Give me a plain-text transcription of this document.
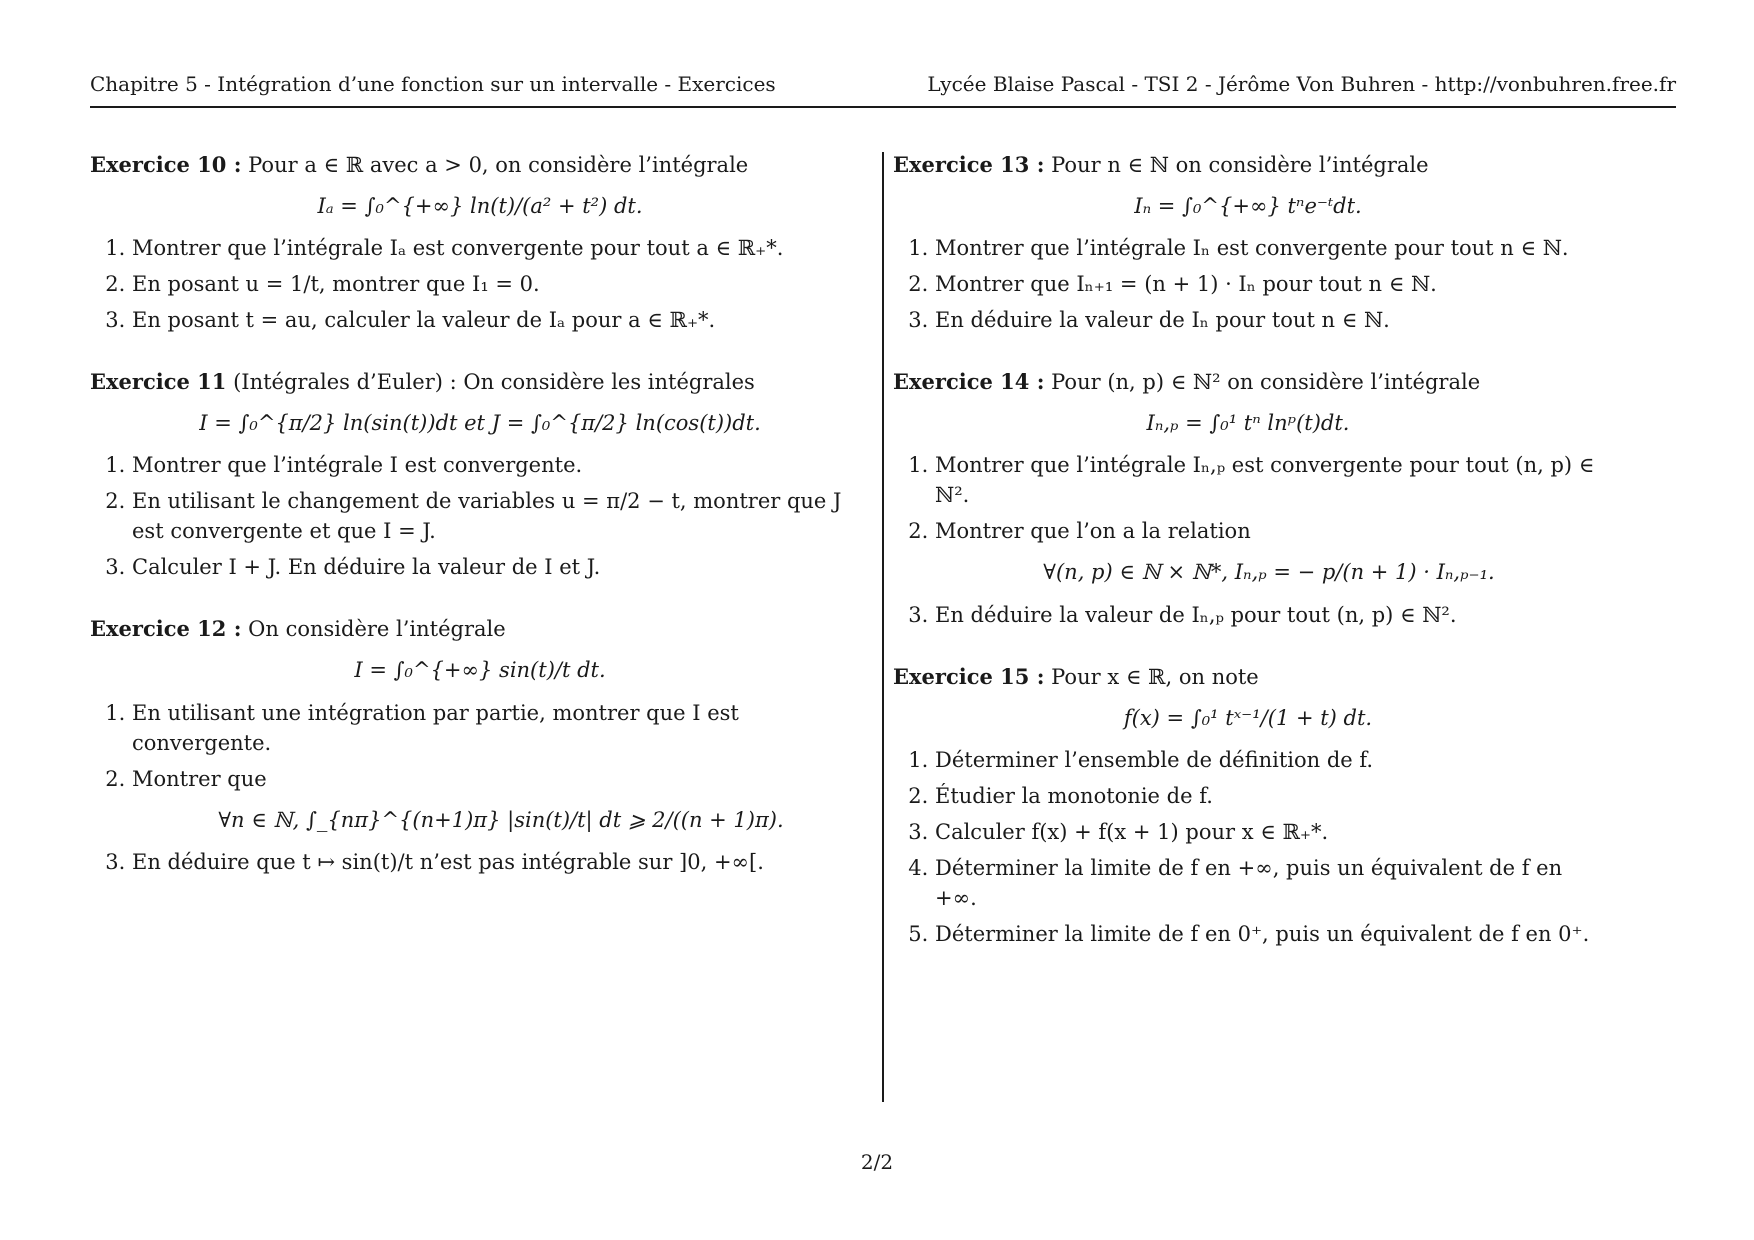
Chapitre 5 - Intégration d’une fonction sur un intervalle - Exercices	Lycée Blaise Pascal - TSI 2 - Jérôme Von Buhren - http://vonbuhren.free.fr
Exercice 10 : Pour a ∈ ℝ avec a > 0, on considère l’intégrale
Iₐ = ∫₀^{+∞} ln(t)/(a² + t²) dt.
1. Montrer que l’intégrale Iₐ est convergente pour tout a ∈ ℝ₊*.
2. En posant u = 1/t, montrer que I₁ = 0.
3. En posant t = au, calculer la valeur de Iₐ pour a ∈ ℝ₊*.
Exercice 11 (Intégrales d’Euler) : On considère les intégrales
I = ∫₀^{π/2} ln(sin(t))dt et J = ∫₀^{π/2} ln(cos(t))dt.
1. Montrer que l’intégrale I est convergente.
2. En utilisant le changement de variables u = π/2 − t, montrer que J est convergente et que I = J.
3. Calculer I + J. En déduire la valeur de I et J.
Exercice 12 : On considère l’intégrale
I = ∫₀^{+∞} sin(t)/t dt.
1. En utilisant une intégration par partie, montrer que I est convergente.
2. Montrer que
∀n ∈ ℕ, ∫_{nπ}^{(n+1)π} |sin(t)/t| dt ⩾ 2/((n + 1)π).
3. En déduire que t ↦ sin(t)/t n’est pas intégrable sur ]0, +∞[.
Exercice 13 : Pour n ∈ ℕ on considère l’intégrale
Iₙ = ∫₀^{+∞} tⁿe⁻ᵗdt.
1. Montrer que l’intégrale Iₙ est convergente pour tout n ∈ ℕ.
2. Montrer que Iₙ₊₁ = (n + 1) · Iₙ pour tout n ∈ ℕ.
3. En déduire la valeur de Iₙ pour tout n ∈ ℕ.
Exercice 14 : Pour (n, p) ∈ ℕ² on considère l’intégrale
Iₙ,ₚ = ∫₀¹ tⁿ lnᵖ(t)dt.
1. Montrer que l’intégrale Iₙ,ₚ est convergente pour tout (n, p) ∈ ℕ².
2. Montrer que l’on a la relation
∀(n, p) ∈ ℕ × ℕ*, Iₙ,ₚ = − p/(n + 1) · Iₙ,ₚ₋₁.
3. En déduire la valeur de Iₙ,ₚ pour tout (n, p) ∈ ℕ².
Exercice 15 : Pour x ∈ ℝ, on note
f(x) = ∫₀¹ tˣ⁻¹/(1 + t) dt.
1. Déterminer l’ensemble de définition de f.
2. Étudier la monotonie de f.
3. Calculer f(x) + f(x + 1) pour x ∈ ℝ₊*.
4. Déterminer la limite de f en +∞, puis un équivalent de f en +∞.
5. Déterminer la limite de f en 0⁺, puis un équivalent de f en 0⁺.
2/2
